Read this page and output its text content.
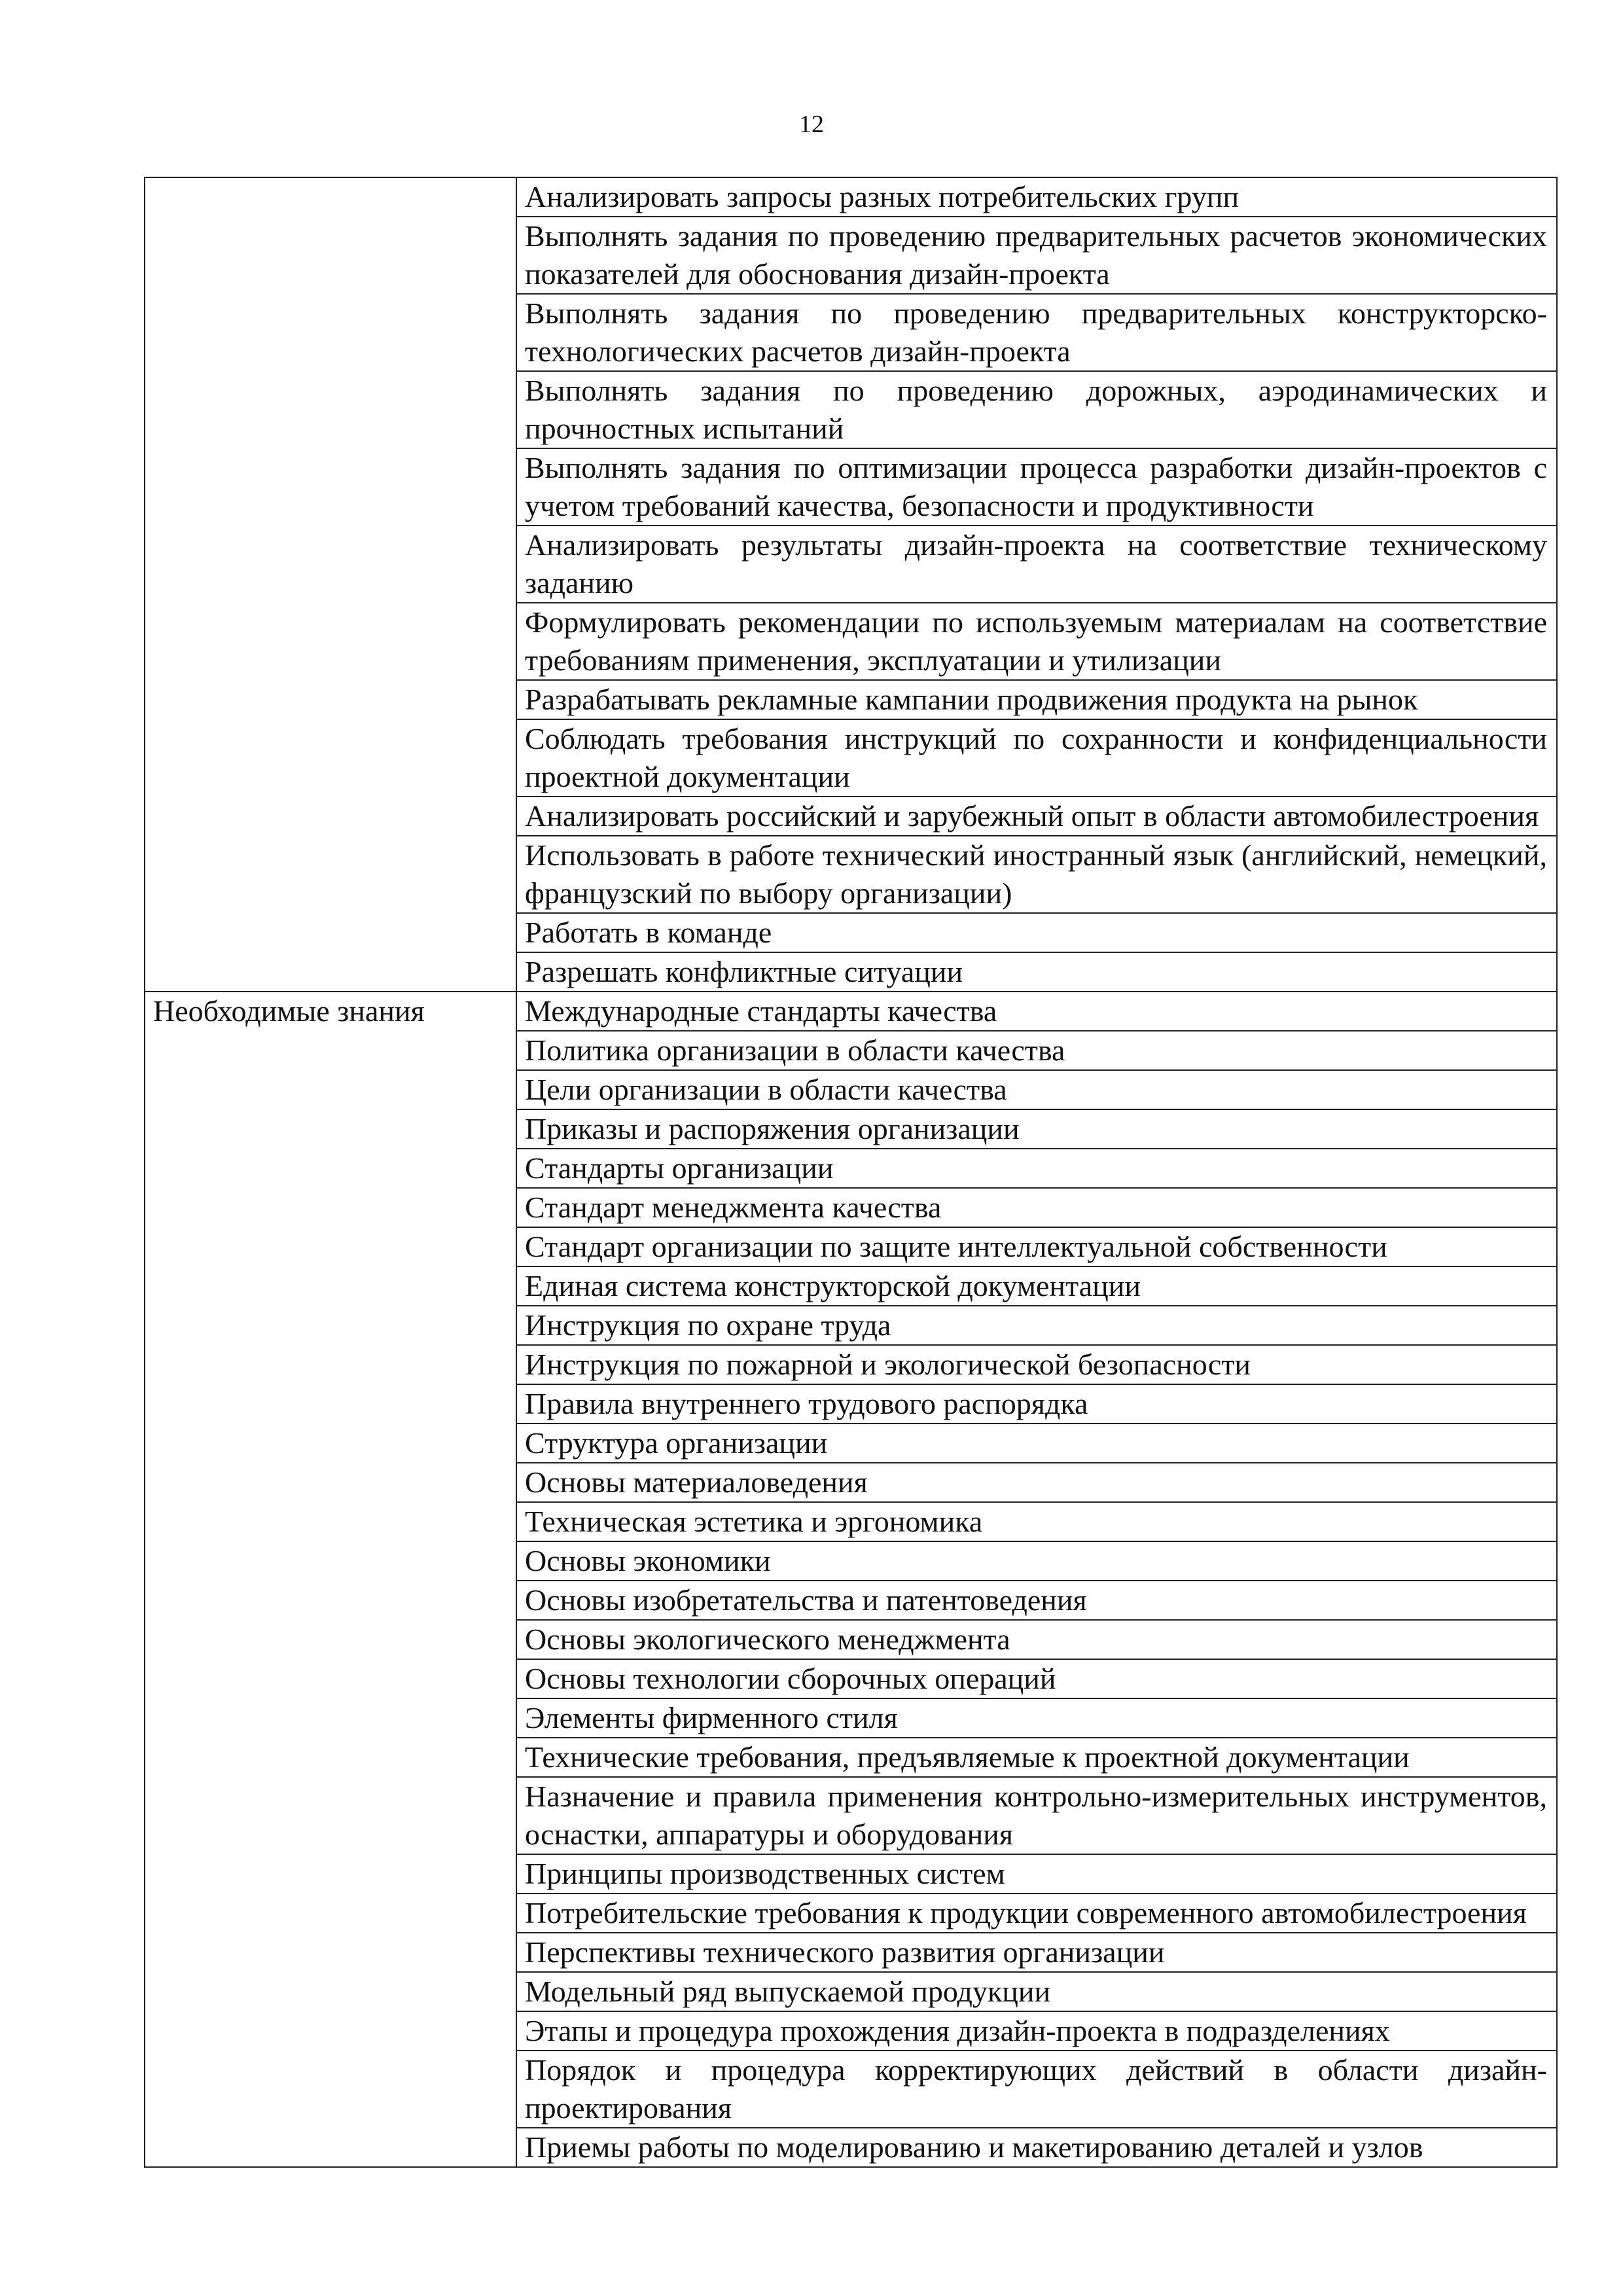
12
	Анализировать запросы разных потребительских групп
	Выполнять задания по проведению предварительных расчетов экономических показателей для обоснования дизайн-проекта
	Выполнять задания по проведению предварительных конструкторско-технологических расчетов дизайн-проекта
	Выполнять задания по проведению дорожных, аэродинамических и прочностных испытаний
	Выполнять задания по оптимизации процесса разработки дизайн-проектов с учетом требований качества, безопасности и продуктивности
	Анализировать результаты дизайн-проекта на соответствие техническому заданию
	Формулировать рекомендации по используемым материалам на соответствие требованиям применения, эксплуатации и утилизации
	Разрабатывать рекламные кампании продвижения продукта на рынок
	Соблюдать требования инструкций по сохранности и конфиденциальности проектной документации
	Анализировать российский и зарубежный опыт в области автомобилестроения
	Использовать в работе технический иностранный язык (английский, немецкий, французский по выбору организации)
	Работать в команде
	Разрешать конфликтные ситуации
Необходимые знания	Международные стандарты качества
	Политика организации в области качества
	Цели организации в области качества
	Приказы и распоряжения организации
	Стандарты организации
	Стандарт менеджмента качества
	Стандарт организации по защите интеллектуальной собственности
	Единая система конструкторской документации
	Инструкция по охране труда
	Инструкция по пожарной и экологической безопасности
	Правила внутреннего трудового распорядка
	Структура организации
	Основы материаловедения
	Техническая эстетика и эргономика
	Основы экономики
	Основы изобретательства и патентоведения
	Основы экологического менеджмента
	Основы технологии сборочных операций
	Элементы фирменного стиля
	Технические требования, предъявляемые к проектной документации
	Назначение и правила применения контрольно-измерительных инструментов, оснастки, аппаратуры и оборудования
	Принципы производственных систем
	Потребительские требования к продукции современного автомобилестроения
	Перспективы технического развития организации
	Модельный ряд выпускаемой продукции
	Этапы и процедура прохождения дизайн-проекта в подразделениях
	Порядок и процедура корректирующих действий в области дизайн-проектирования
	Приемы работы по моделированию и макетированию деталей и узлов
